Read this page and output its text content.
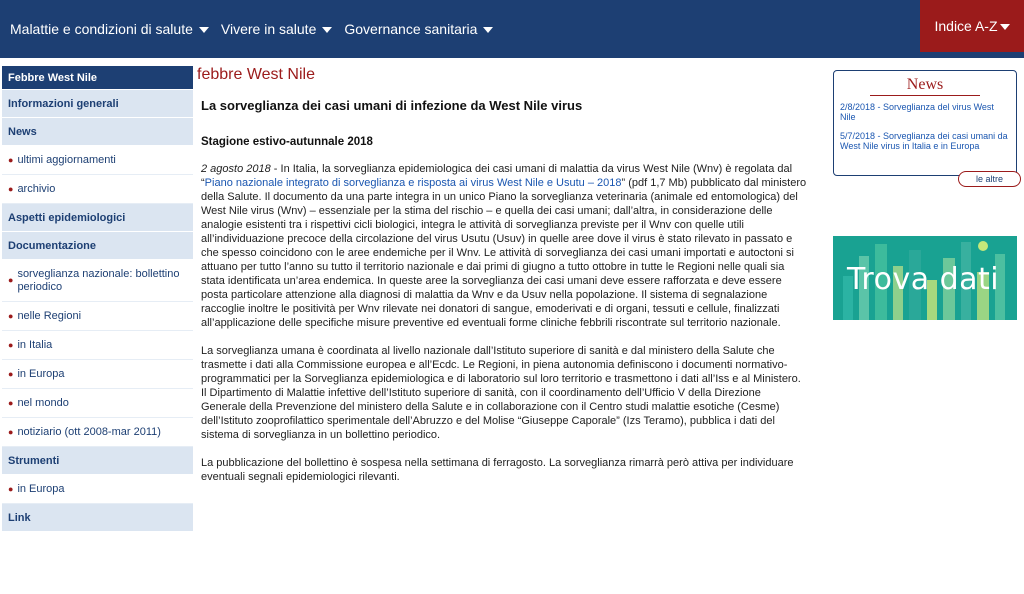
Malattie e condizioni di salute Vivere in salute Governance sanitaria	Indice A-Z
Febbre West Nile
Informazioni generali
News
● ultimi aggiornamenti
● archivio
Aspetti epidemiologici
Documentazione
●
sorveglianza nazionale: bollettino periodico
● nelle Regioni
● in Italia
● in Europa
● nel mondo
● notiziario (ott 2008-mar 2011)
Strumenti
● in Europa
Link
febbre West Nile
La sorveglianza dei casi umani di infezione da West Nile virus
Stagione estivo-autunnale 2018

2 agosto 2018 - In Italia, la sorveglianza epidemiologica dei casi umani di malattia da virus West Nile (Wnv) è regolata dal “Piano nazionale integrato di sorveglianza e risposta ai virus West Nile e Usutu – 2018” (pdf 1,7 Mb) pubblicato dal ministero della Salute. Il documento da una parte integra in un unico Piano la sorveglianza veterinaria (animale ed entomologica) del West Nile virus (Wnv) – essenziale per la stima del rischio – e quella dei casi umani; dall’altra, in considerazione delle analogie esistenti tra i rispettivi cicli biologici, integra le attività di sorveglianza previste per il Wnv con quelle utili all’individuazione precoce della circolazione del virus Usutu (Usuv) in quelle aree dove il virus è stato rilevato in passato e che spesso coincidono con le aree endemiche per il Wnv. Le attività di sorveglianza dei casi umani importati e autoctoni si attuano per tutto l’anno su tutto il territorio nazionale e dai primi di giugno a tutto ottobre in tutte le Regioni nelle quali sia stata identificata un’area endemica. In queste aree la sorveglianza dei casi umani deve essere rafforzata e deve essere posta particolare attenzione alla diagnosi di malattia da Wnv e da Usuv nella popolazione. Il sistema di segnalazione raccoglie inoltre le positività per Wnv rilevate nei donatori di sangue, emoderivati e di organi, tessuti e cellule, finalizzati all’applicazione delle specifiche misure preventive ed eventuali forme cliniche febbrili riscontrate sul territorio nazionale.

La sorveglianza umana è coordinata al livello nazionale dall’Istituto superiore di sanità e dal ministero della Salute che trasmette i dati alla Commissione europea e all’Ecdc. Le Regioni, in piena autonomia definiscono i documenti normativo-programmatici per la Sorveglianza epidemiologica e di laboratorio sul loro territorio e trasmettono i dati all’Iss e al Ministero. Il Dipartimento di Malattie infettive dell’Istituto superiore di sanità, con il coordinamento dell’Ufficio V della Direzione Generale della Prevenzione del ministero della Salute e in collaborazione con il Centro studi malattie esotiche (Cesme) dell’Istituto zooprofilattico sperimentale dell’Abruzzo e del Molise “Giuseppe Caporale” (Izs Teramo), pubblica i dati del sistema di sorveglianza in un bollettino periodico.

La pubblicazione del bollettino è sospesa nella settimana di ferragosto. La sorveglianza rimarrà però attiva per individuare eventuali segnali epidemiologici rilevanti.

News
2/8/2018 - Sorveglianza del virus West Nile
5/7/2018 - Sorveglianza dei casi umani da West Nile virus in Italia e in Europa
le altre
Trova dati
